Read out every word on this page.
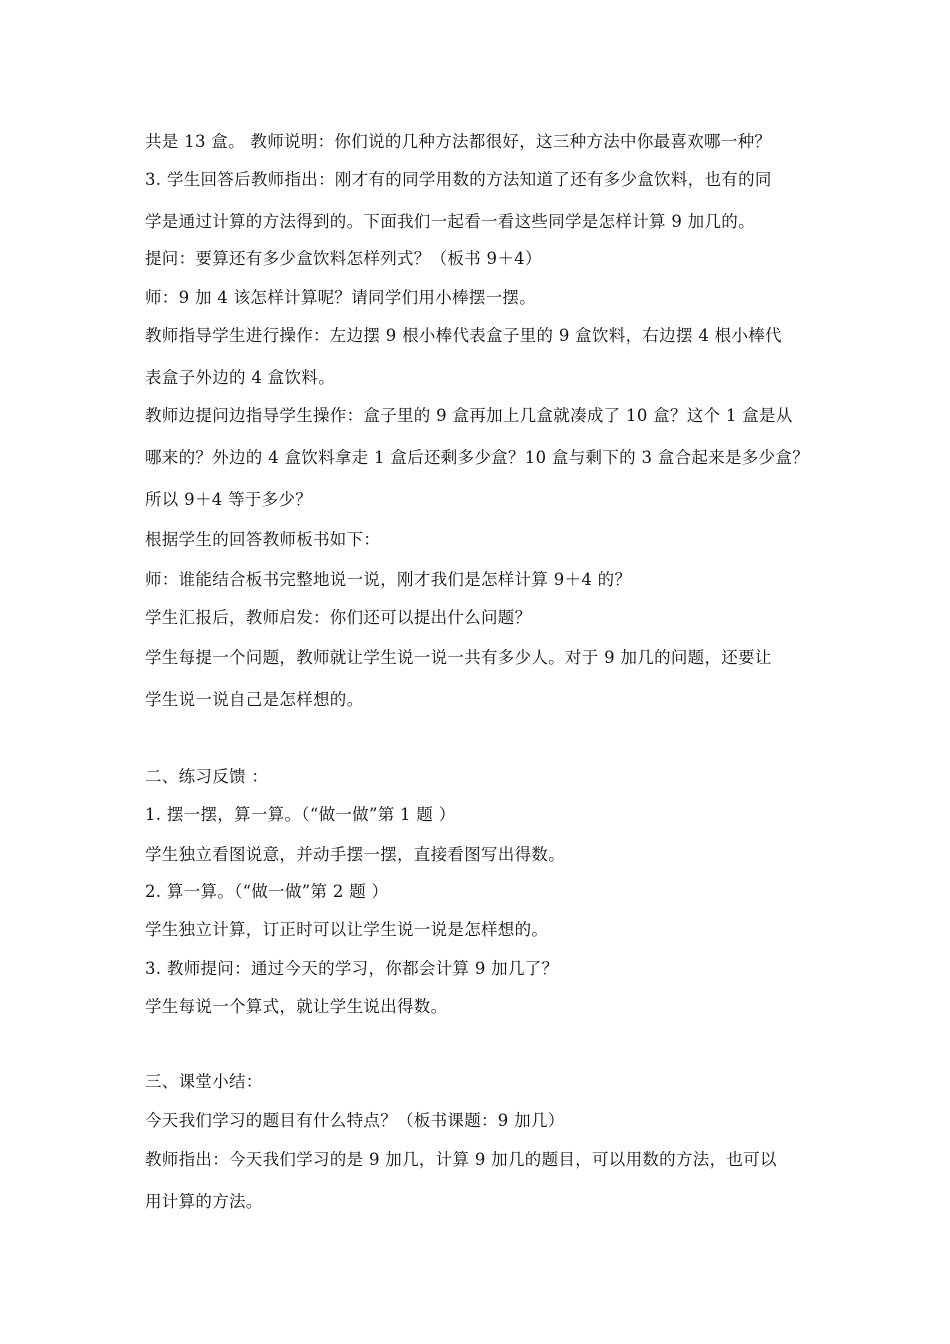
共是 13 盒。 教师说明：你们说的几种方法都很好，这三种方法中你最喜欢哪一种？
3. 学生回答后教师指出：刚才有的同学用数的方法知道了还有多少盒饮料，也有的同
学是通过计算的方法得到的。下面我们一起看一看这些同学是怎样计算 9 加几的。
提问：要算还有多少盒饮料怎样列式？（板书 9＋4）
师：9 加 4 该怎样计算呢？请同学们用小棒摆一摆。
教师指导学生进行操作：左边摆 9 根小棒代表盒子里的 9 盒饮料，右边摆 4 根小棒代
表盒子外边的 4 盒饮料。
教师边提问边指导学生操作：盒子里的 9 盒再加上几盒就凑成了 10 盒？这个 1 盒是从
哪来的？外边的 4 盒饮料拿走 1 盒后还剩多少盒？10 盒与剩下的 3 盒合起来是多少盒？
所以 9＋4 等于多少？
根据学生的回答教师板书如下：
师：谁能结合板书完整地说一说，刚才我们是怎样计算 9＋4 的？
学生汇报后，教师启发：你们还可以提出什么问题？
学生每提一个问题，教师就让学生说一说一共有多少人。对于 9 加几的问题，还要让
学生说一说自己是怎样想的。
二、练习反馈 ：
1. 摆一摆，算一算。（“做一做”第 1 题 ）
学生独立看图说意，并动手摆一摆，直接看图写出得数。
2. 算一算。（“做一做”第 2 题 ）
学生独立计算，订正时可以让学生说一说是怎样想的。
3. 教师提问：通过今天的学习，你都会计算 9 加几了？
学生每说一个算式，就让学生说出得数。
三、课堂小结：
今天我们学习的题目有什么特点？（板书课题：9 加几）
教师指出：今天我们学习的是 9 加几，计算 9 加几的题目，可以用数的方法，也可以
用计算的方法。
